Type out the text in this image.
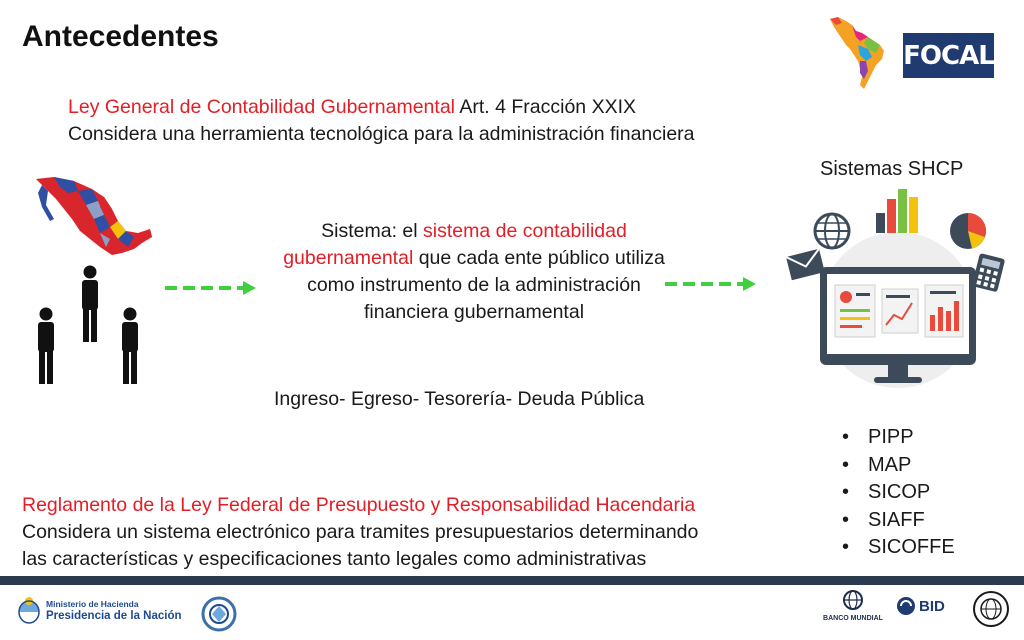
Antecedentes
FOCAL
Ley General de Contabilidad Gubernamental Art. 4 Fracción XXIX
Considera una herramienta tecnológica para la administración financiera
Sistema: el sistema de contabilidad gubernamental que cada ente público utiliza como instrumento de la administración financiera gubernamental
Ingreso- Egreso- Tesorería- Deuda Pública
Sistemas SHCP
• PIPP
• MAP
• SICOP
• SIAFF
• SICOFFE
Reglamento de la Ley Federal de Presupuesto y Responsabilidad Hacendaria
Considera un sistema electrónico para tramites presupuestarios determinando
las características y especificaciones tanto legales como administrativas
Ministerio de Hacienda
Presidencia de la Nación	BANCO MUNDIAL
BID
